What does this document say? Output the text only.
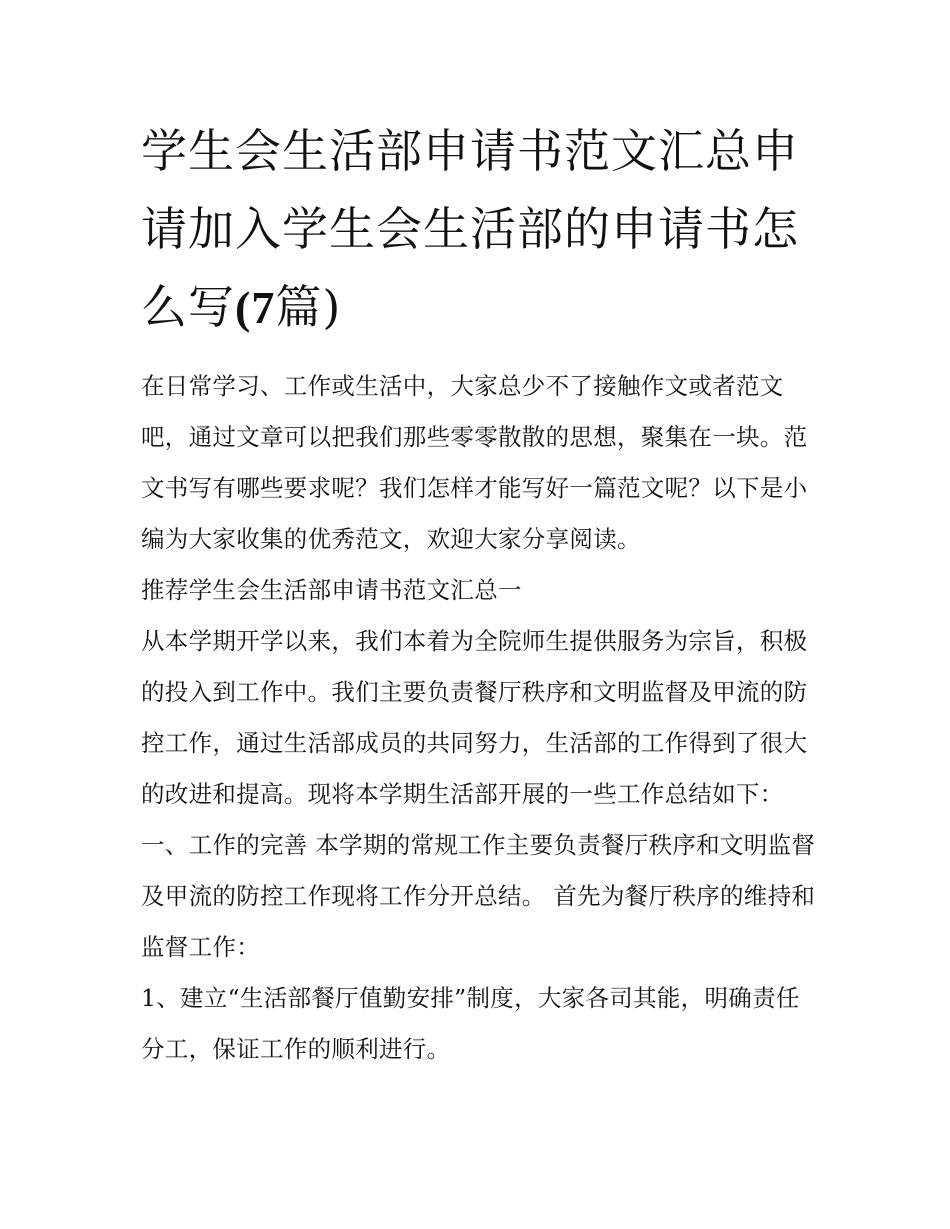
学生会生活部申请书范文汇总申请加入学生会生活部的申请书怎么写(7篇)

在日常学习、工作或生活中，大家总少不了接触作文或者范文吧，通过文章可以把我们那些零零散散的思想，聚集在一块。范文书写有哪些要求呢？我们怎样才能写好一篇范文呢？以下是小编为大家收集的优秀范文，欢迎大家分享阅读。

推荐学生会生活部申请书范文汇总一

从本学期开学以来，我们本着为全院师生提供服务为宗旨，积极的投入到工作中。我们主要负责餐厅秩序和文明监督及甲流的防控工作，通过生活部成员的共同努力，生活部的工作得到了很大的改进和提高。现将本学期生活部开展的一些工作总结如下：

一、工作的完善 本学期的常规工作主要负责餐厅秩序和文明监督及甲流的防控工作现将工作分开总结。 首先为餐厅秩序的维持和监督工作：

1、建立“生活部餐厅值勤安排”制度，大家各司其能，明确责任分工，保证工作的顺利进行。
